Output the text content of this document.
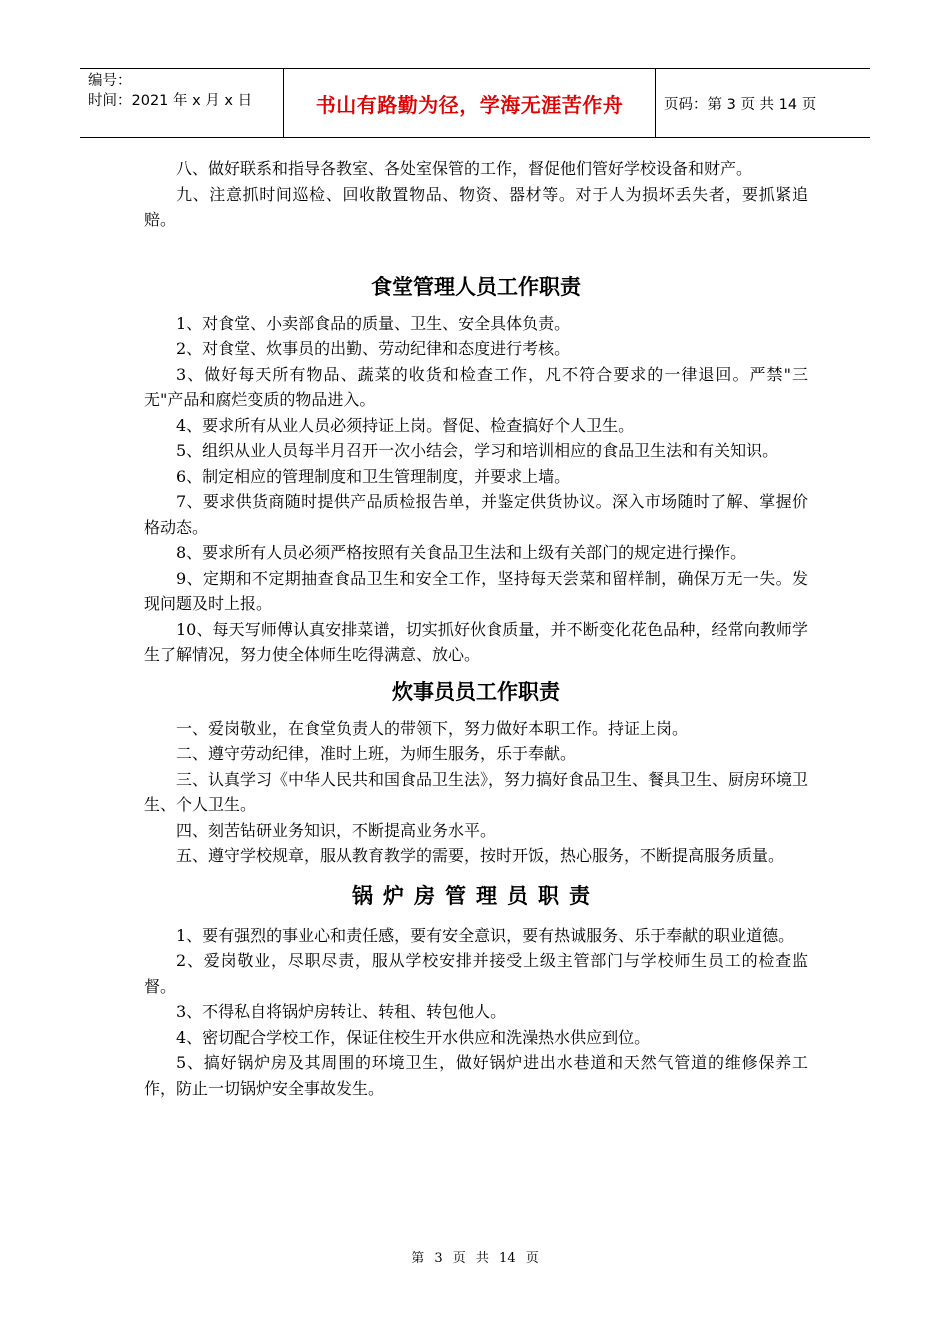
编号：
时间：2021 年 x 月 x 日	书山有路勤为径，学海无涯苦作舟	页码：第 3 页 共 14 页

八、做好联系和指导各教室、各处室保管的工作，督促他们管好学校设备和财产。

九、注意抓时间巡检、回收散置物品、物资、器材等。对于人为损坏丢失者，要抓紧追赔。

食堂管理人员工作职责

1、对食堂、小卖部食品的质量、卫生、安全具体负责。

2、对食堂、炊事员的出勤、劳动纪律和态度进行考核。

3、做好每天所有物品、蔬菜的收货和检查工作，凡不符合要求的一律退回。严禁"三无"产品和腐烂变质的物品进入。

4、要求所有从业人员必须持证上岗。督促、检查搞好个人卫生。

5、组织从业人员每半月召开一次小结会，学习和培训相应的食品卫生法和有关知识。

6、制定相应的管理制度和卫生管理制度，并要求上墙。

7、要求供货商随时提供产品质检报告单，并鉴定供货协议。深入市场随时了解、掌握价格动态。

8、要求所有人员必须严格按照有关食品卫生法和上级有关部门的规定进行操作。

9、定期和不定期抽查食品卫生和安全工作，坚持每天尝菜和留样制，确保万无一失。发现问题及时上报。

10、每天写师傅认真安排菜谱，切实抓好伙食质量，并不断变化花色品种，经常向教师学生了解情况，努力使全体师生吃得满意、放心。

炊事员员工作职责

一、爱岗敬业，在食堂负责人的带领下，努力做好本职工作。持证上岗。

二、遵守劳动纪律，准时上班，为师生服务，乐于奉献。

三、认真学习《中华人民共和国食品卫生法》，努力搞好食品卫生、餐具卫生、厨房环境卫生、个人卫生。

四、刻苦钻研业务知识，不断提高业务水平。

五、遵守学校规章，服从教育教学的需要，按时开饭，热心服务，不断提高服务质量。

锅炉房管理员职责

1、要有强烈的事业心和责任感，要有安全意识，要有热诚服务、乐于奉献的职业道德。

2、爱岗敬业，尽职尽责，服从学校安排并接受上级主管部门与学校师生员工的检查监督。

3、不得私自将锅炉房转让、转租、转包他人。

4、密切配合学校工作，保证住校生开水供应和洗澡热水供应到位。

5、搞好锅炉房及其周围的环境卫生，做好锅炉进出水巷道和天然气管道的维修保养工作，防止一切锅炉安全事故发生。

第 3 页 共 14 页
